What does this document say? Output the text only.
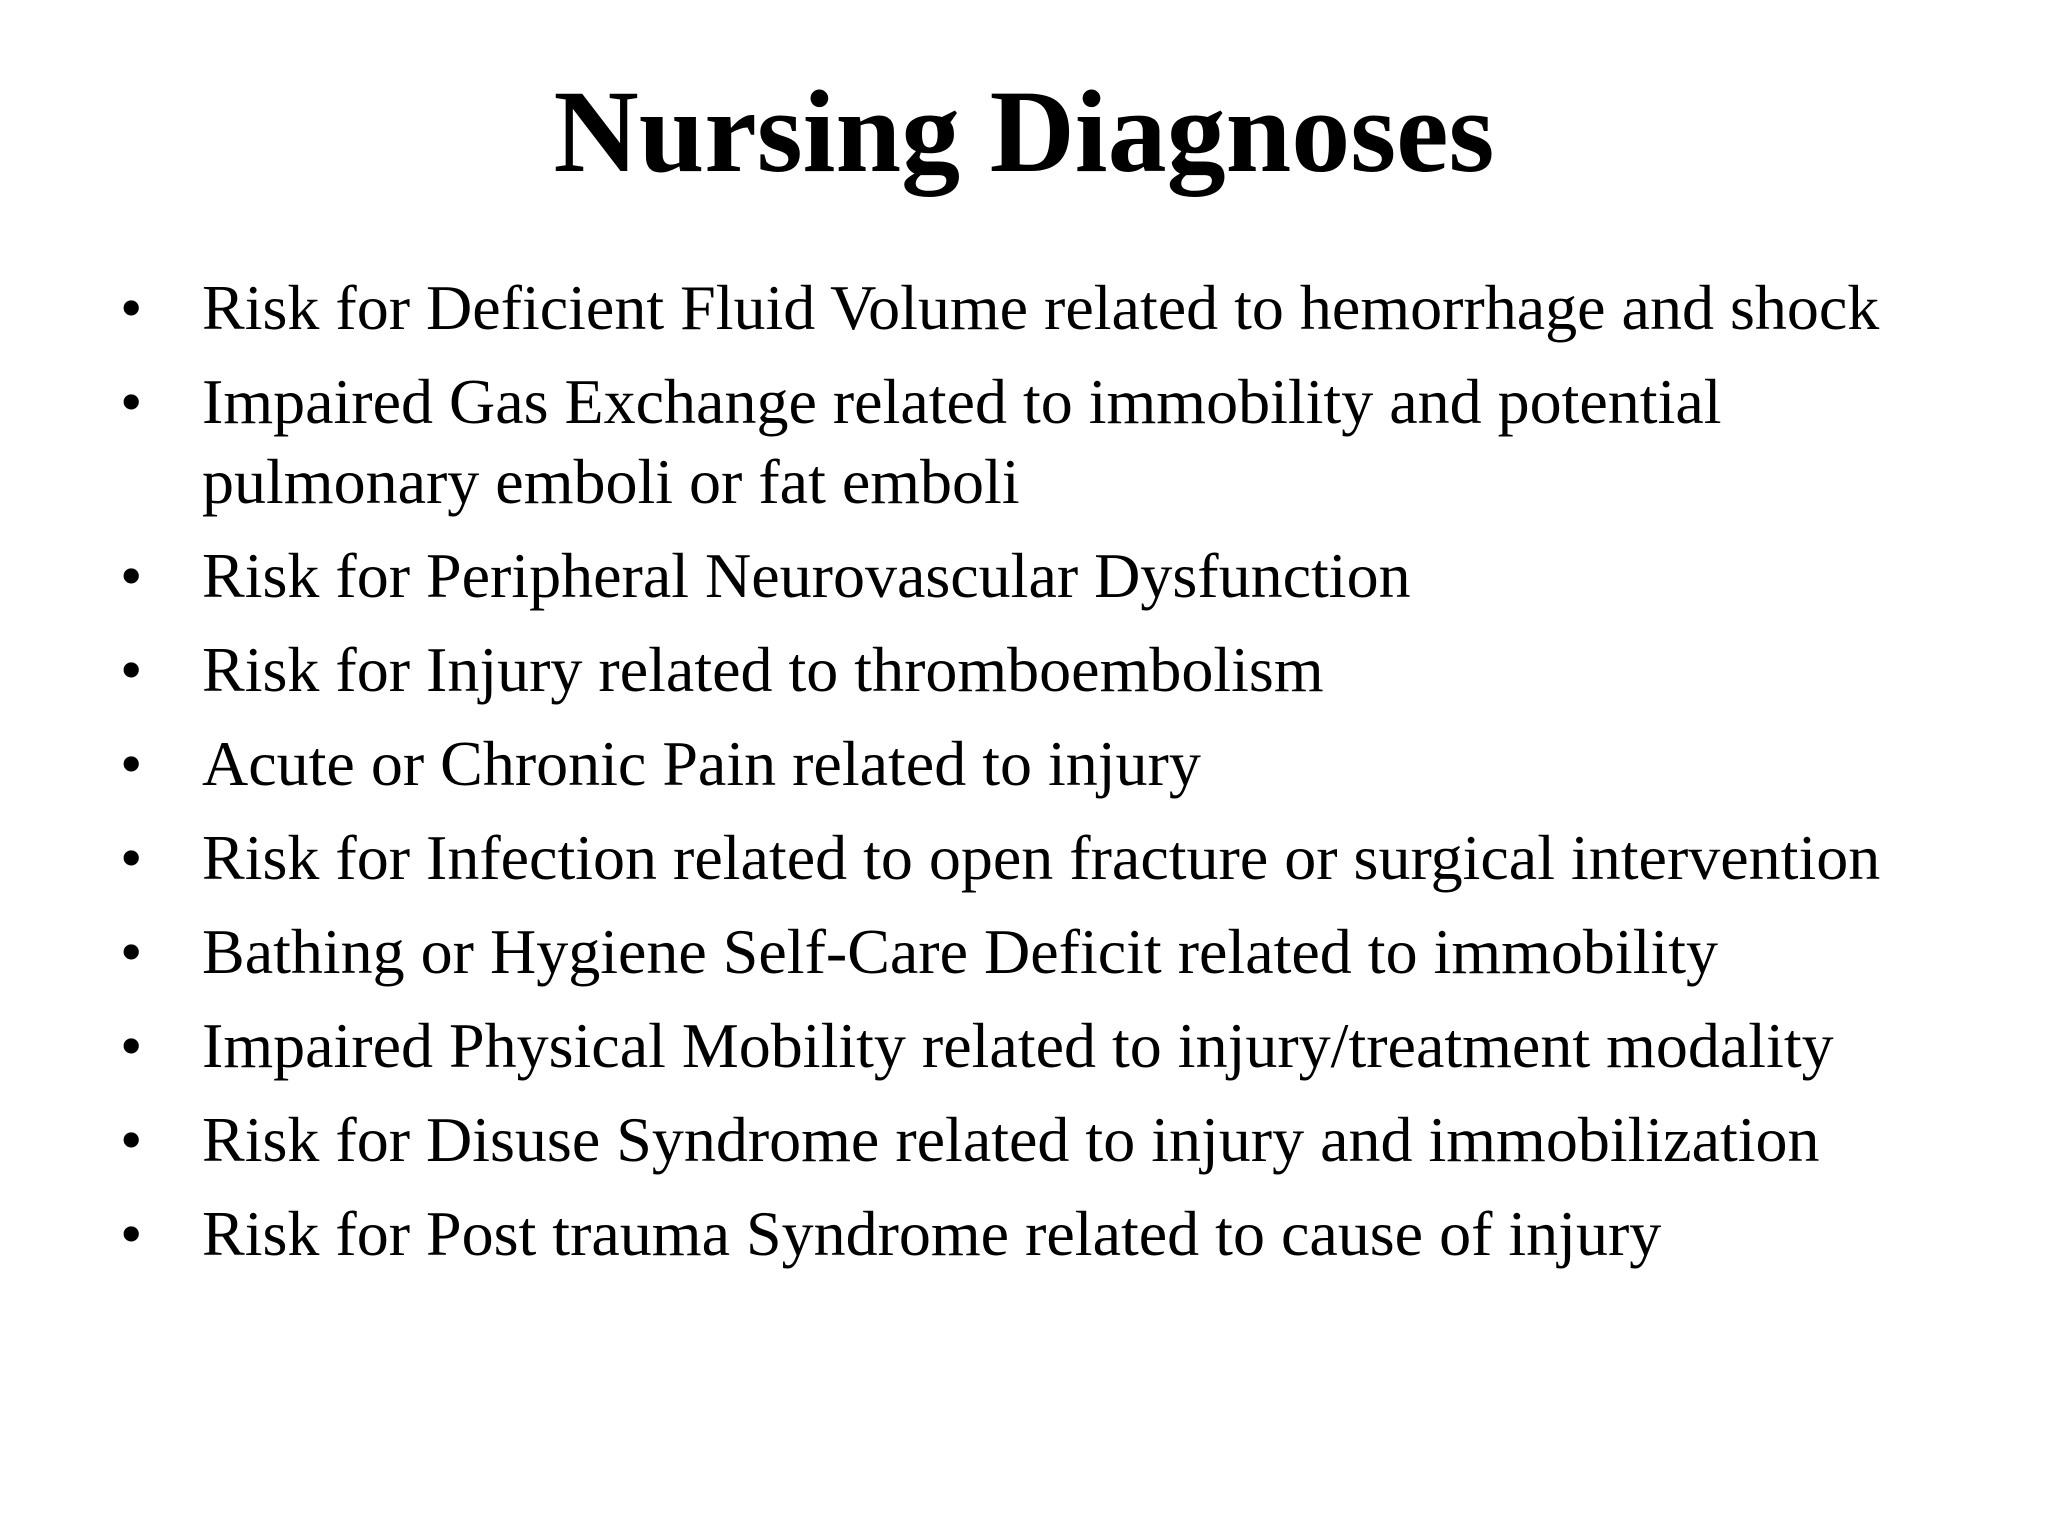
Nursing Diagnoses
• Risk for Deficient Fluid Volume related to hemorrhage and shock
• Impaired Gas Exchange related to immobility and potential pulmonary emboli or fat emboli
• Risk for Peripheral Neurovascular Dysfunction
• Risk for Injury related to thromboembolism
• Acute or Chronic Pain related to injury
• Risk for Infection related to open fracture or surgical intervention
• Bathing or Hygiene Self-Care Deficit related to immobility
• Impaired Physical Mobility related to injury/treatment modality
• Risk for Disuse Syndrome related to injury and immobilization
• Risk for Post trauma Syndrome related to cause of injury
